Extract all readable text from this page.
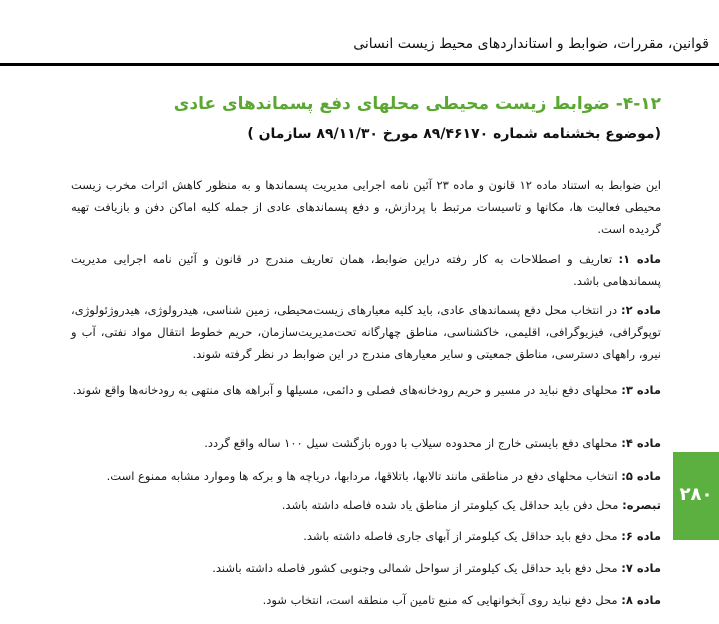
قوانین، مقررات، ضوابط و استانداردهای محیط زیست انسانی
۴-۱۲- ضوابط زیست محیطی محلهای دفع پسماندهای عادی
(موضوع بخشنامه شماره ۸۹/۴۶۱۷۰ مورخ ۸۹/۱۱/۳۰ سازمان )
این ضوابط به استناد ماده ۱۲ قانون و ماده ۲۳ آئین نامه اجرایی مدیریت پسماندها و به منظور کاهش اثرات مخرب زیست محیطی فعالیت ها، مکانها و تاسیسات مرتبط با پردازش، و دفع پسماندهای عادی از جمله کلیه اماکن دفن و بازیافت تهیه گردیده است.
ماده ۱: تعاریف و اصطلاحات به کار رفته دراین ضوابط، همان تعاریف مندرج در قانون و آئین نامه اجرایی مدیریت پسماندهامی باشد.
ماده ۲: در انتخاب محل دفع پسماندهای عادی، باید کلیه معیارهای زیست‌محیطی، زمین شناسی، هیدرولوژی، هیدروژئولوژی، توپوگرافی، فیزیوگرافی، اقلیمی، خاکشناسی، مناطق چهارگانه تحت‌مدیریت‌سازمان، حریم خطوط انتقال مواد نفتی، آب و نیرو، راههای دسترسی، مناطق جمعیتی و سایر معیارهای مندرج در این ضوابط در نظر گرفته شوند.
ماده ۳: محلهای دفع نباید در مسیر و حریم رودخانه‌های فصلی و دائمی، مسیلها و آبراهه های منتهی به رودخانه‌ها واقع شوند.
ماده ۴: محلهای دفع بایستی خارج از محدوده سیلاب با دوره بازگشت سیل ۱۰۰ ساله واقع گردد.
ماده ۵: انتخاب محلهای دفع در مناطقی مانند تالابها، باتلاقها، مردابها، دریاچه ها و برکه ها وموارد مشابه ممنوع است.
تبصره: محل دفن باید حداقل یک کیلومتر از مناطق یاد شده فاصله داشته باشد.
ماده ۶: محل دفع باید حداقل یک کیلومتر از آبهای جاری فاصله داشته باشد.
ماده ۷: محل دفع باید حداقل یک کیلومتر از سواحل شمالی وجنوبی کشور فاصله داشته باشند.
ماده ۸: محل دفع نباید روی آبخوانهایی که منبع تامین آب منطقه است، انتخاب شود.
۲۸۰
